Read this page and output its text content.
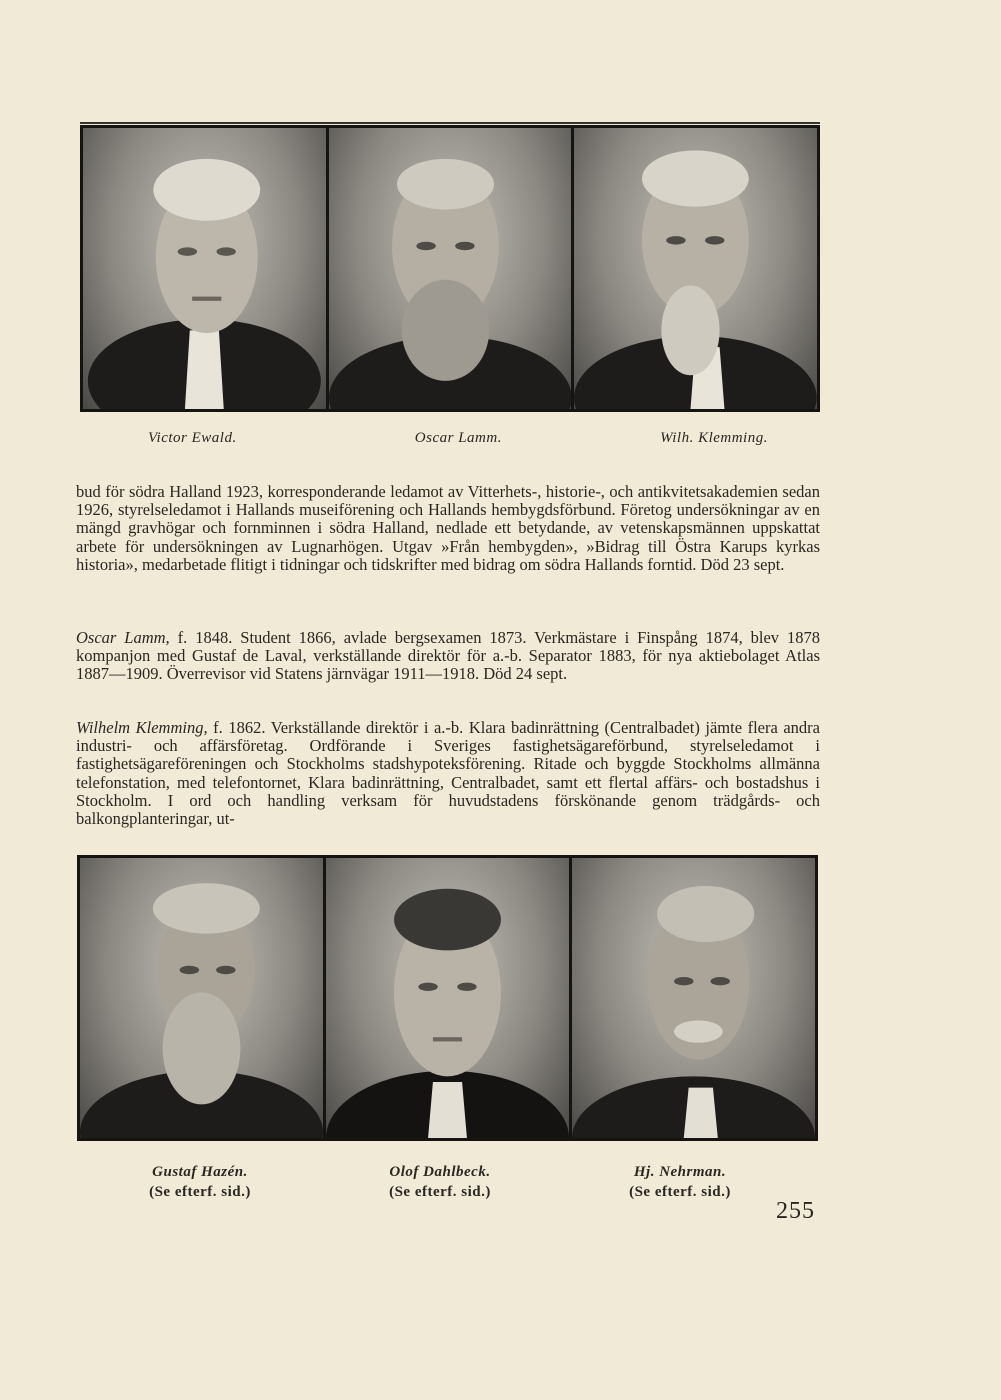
Victor Ewald.	Oscar Lamm.	Wilh. Klemming.

bud för södra Halland 1923, korresponderande ledamot av Vitterhets-, historie-, och antikvitetsakademien sedan 1926, styrelseledamot i Hallands museiförening och Hallands hembygdsförbund. Företog undersökningar av en mängd gravhögar och fornminnen i södra Halland, nedlade ett betydande, av vetenskapsmännen uppskattat arbete för undersökningen av Lugnarhögen. Utgav »Från hembygden», »Bidrag till Östra Karups kyrkas historia», medarbetade flitigt i tidningar och tidskrifter med bidrag om södra Hallands forntid. Död 23 sept.

Oscar Lamm, f. 1848. Student 1866, avlade bergsexamen 1873. Verkmästare i Finspång 1874, blev 1878 kompanjon med Gustaf de Laval, verkställande direktör för a.-b. Separator 1883, för nya aktiebolaget Atlas 1887—1909. Överrevisor vid Statens järnvägar 1911—1918. Död 24 sept.

Wilhelm Klemming, f. 1862. Verkställande direktör i a.-b. Klara badinrättning (Centralbadet) jämte flera andra industri- och affärsföretag. Ordförande i Sveriges fastighetsägareförbund, styrelseledamot i fastighetsägareföreningen och Stockholms stadshypoteksförening. Ritade och byggde Stockholms allmänna telefonstation, med telefontornet, Klara badinrättning, Centralbadet, samt ett flertal affärs- och bostadshus i Stockholm. I ord och handling verksam för huvudstadens förskönande genom trädgårds- och balkongplanteringar, ut-

Gustaf Hazén.
(Se efterf. sid.)
Olof Dahlbeck.
(Se efterf. sid.)
Hj. Nehrman.
(Se efterf. sid.)
255
